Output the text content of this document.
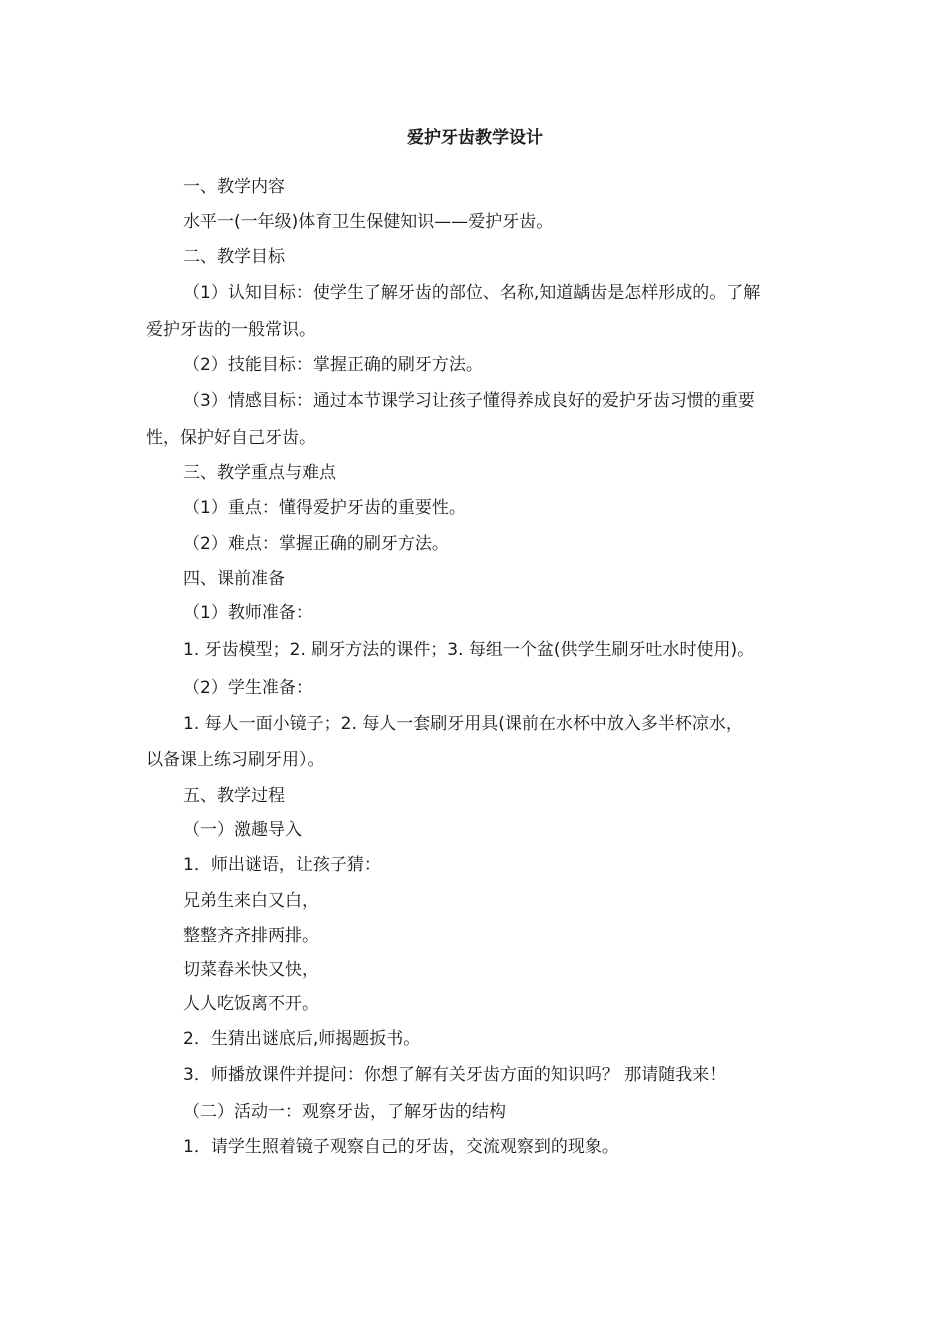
爱护牙齿教学设计
一、教学内容
水平一(一年级)体育卫生保健知识——爱护牙齿。
二、教学目标
（1）认知目标：使学生了解牙齿的部位、名称,知道龋齿是怎样形成的。了解
爱护牙齿的一般常识。
（2）技能目标：掌握正确的刷牙方法。
（3）情感目标：通过本节课学习让孩子懂得养成良好的爱护牙齿习惯的重要
性，保护好自己牙齿。
三、教学重点与难点
（1）重点：懂得爱护牙齿的重要性。
（2）难点：掌握正确的刷牙方法。
四、课前准备
（1）教师准备：
1. 牙齿模型；2. 刷牙方法的课件；3. 每组一个盆(供学生刷牙吐水时使用)。
（2）学生准备：
1. 每人一面小镜子；2. 每人一套刷牙用具(课前在水杯中放入多半杯凉水，
以备课上练习刷牙用）。
五、教学过程
（一）激趣导入
1．师出谜语，让孩子猜：
兄弟生来白又白，
整整齐齐排两排。
切菜舂米快又快，
人人吃饭离不开。
2．生猜出谜底后,师揭题扳书。
3．师播放课件并提问：你想了解有关牙齿方面的知识吗？ 那请随我来！
（二）活动一：观察牙齿，了解牙齿的结构
1．请学生照着镜子观察自己的牙齿，交流观察到的现象。
